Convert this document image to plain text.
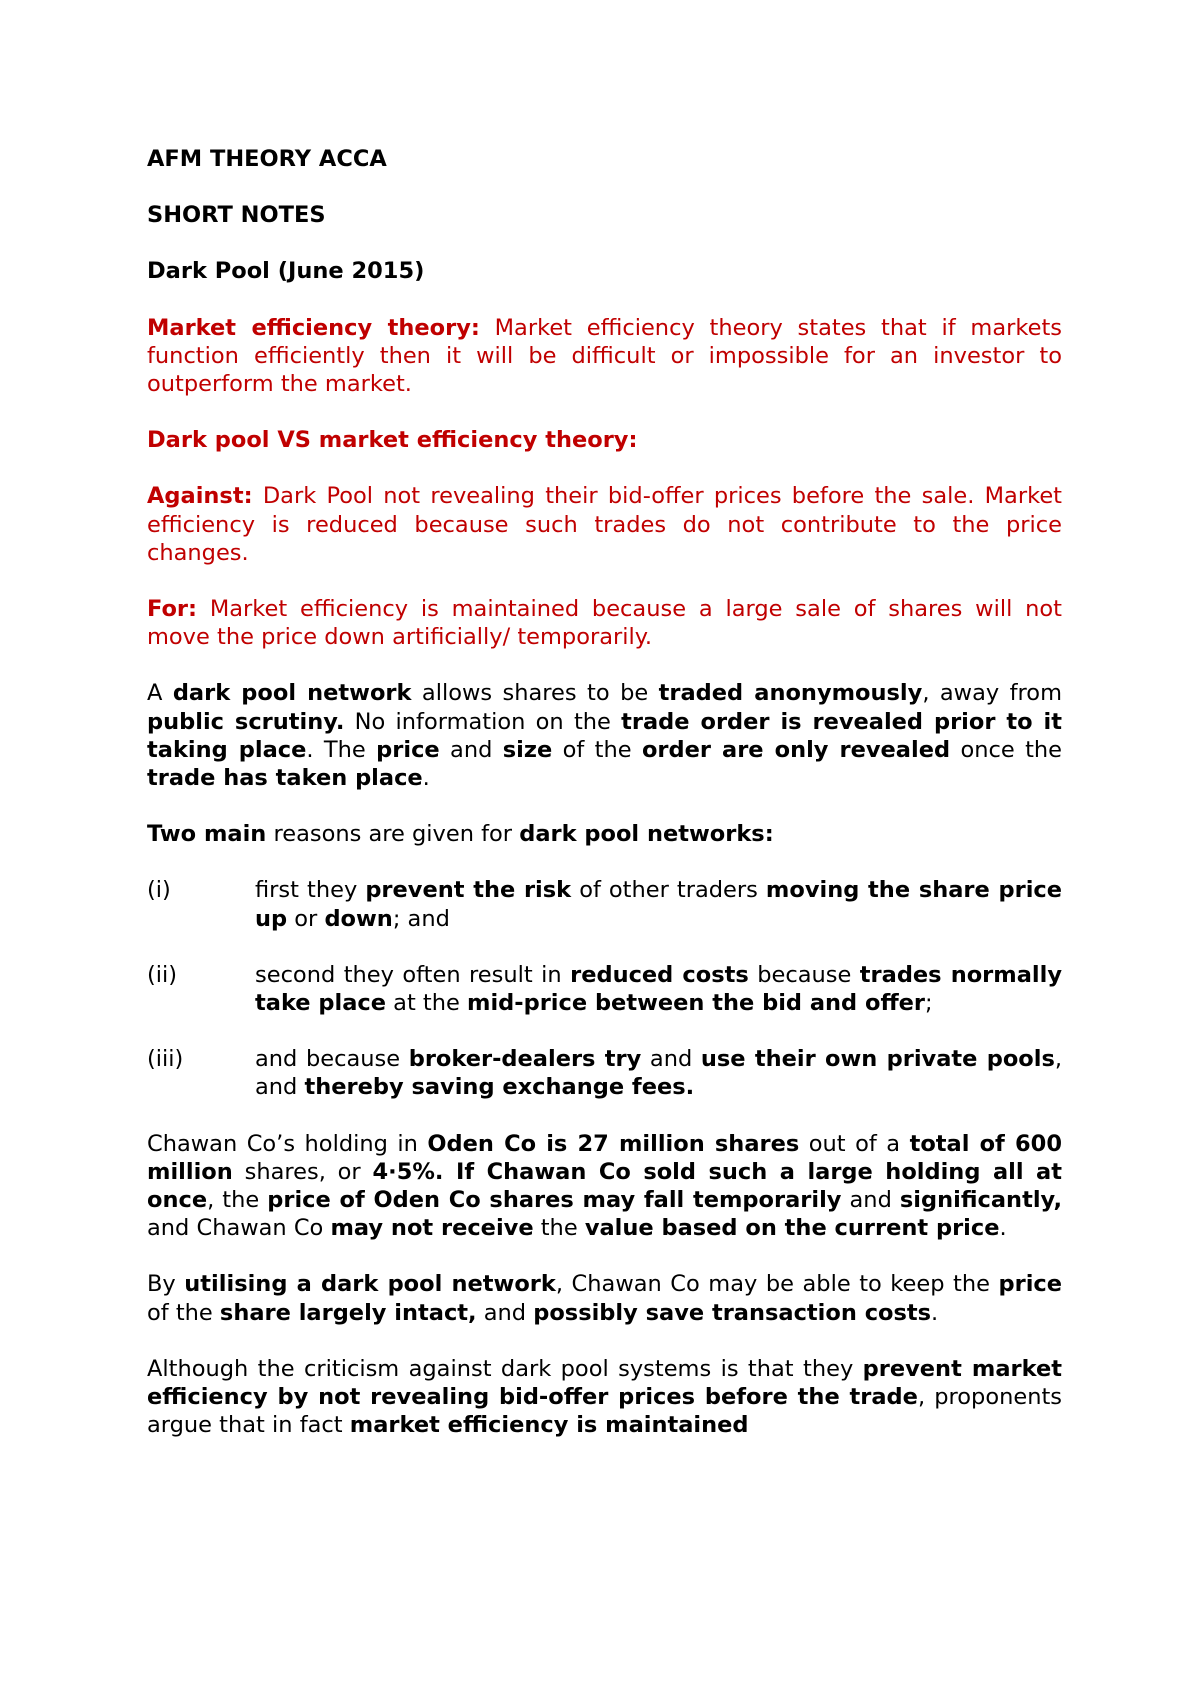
AFM THEORY ACCA

SHORT NOTES

Dark Pool (June 2015)

Market efficiency theory: Market efficiency theory states that if markets function efficiently then it will be difficult or impossible for an investor to outperform the market.

Dark pool VS market efficiency theory:

Against: Dark Pool not revealing their bid-offer prices before the sale. Market efficiency is reduced because such trades do not contribute to the price changes.

For: Market efficiency is maintained because a large sale of shares will not move the price down artificially/ temporarily.

A dark pool network allows shares to be traded anonymously, away from public scrutiny. No information on the trade order is revealed prior to it taking place. The price and size of the order are only revealed once the trade has taken place.

Two main reasons are given for dark pool networks:

(i)	first they prevent the risk of other traders moving the share price up or down; and
(ii)	second they often result in reduced costs because trades normally take place at the mid-price between the bid and offer;
(iii)	and because broker-dealers try and use their own private pools, and thereby saving exchange fees.

Chawan Co’s holding in Oden Co is 27 million shares out of a total of 600 million shares, or 4·5%. If Chawan Co sold such a large holding all at once, the price of Oden Co shares may fall temporarily and significantly, and Chawan Co may not receive the value based on the current price.

By utilising a dark pool network, Chawan Co may be able to keep the price of the share largely intact, and possibly save transaction costs.

Although the criticism against dark pool systems is that they prevent market efficiency by not revealing bid-offer prices before the trade, proponents argue that in fact market efficiency is maintained
